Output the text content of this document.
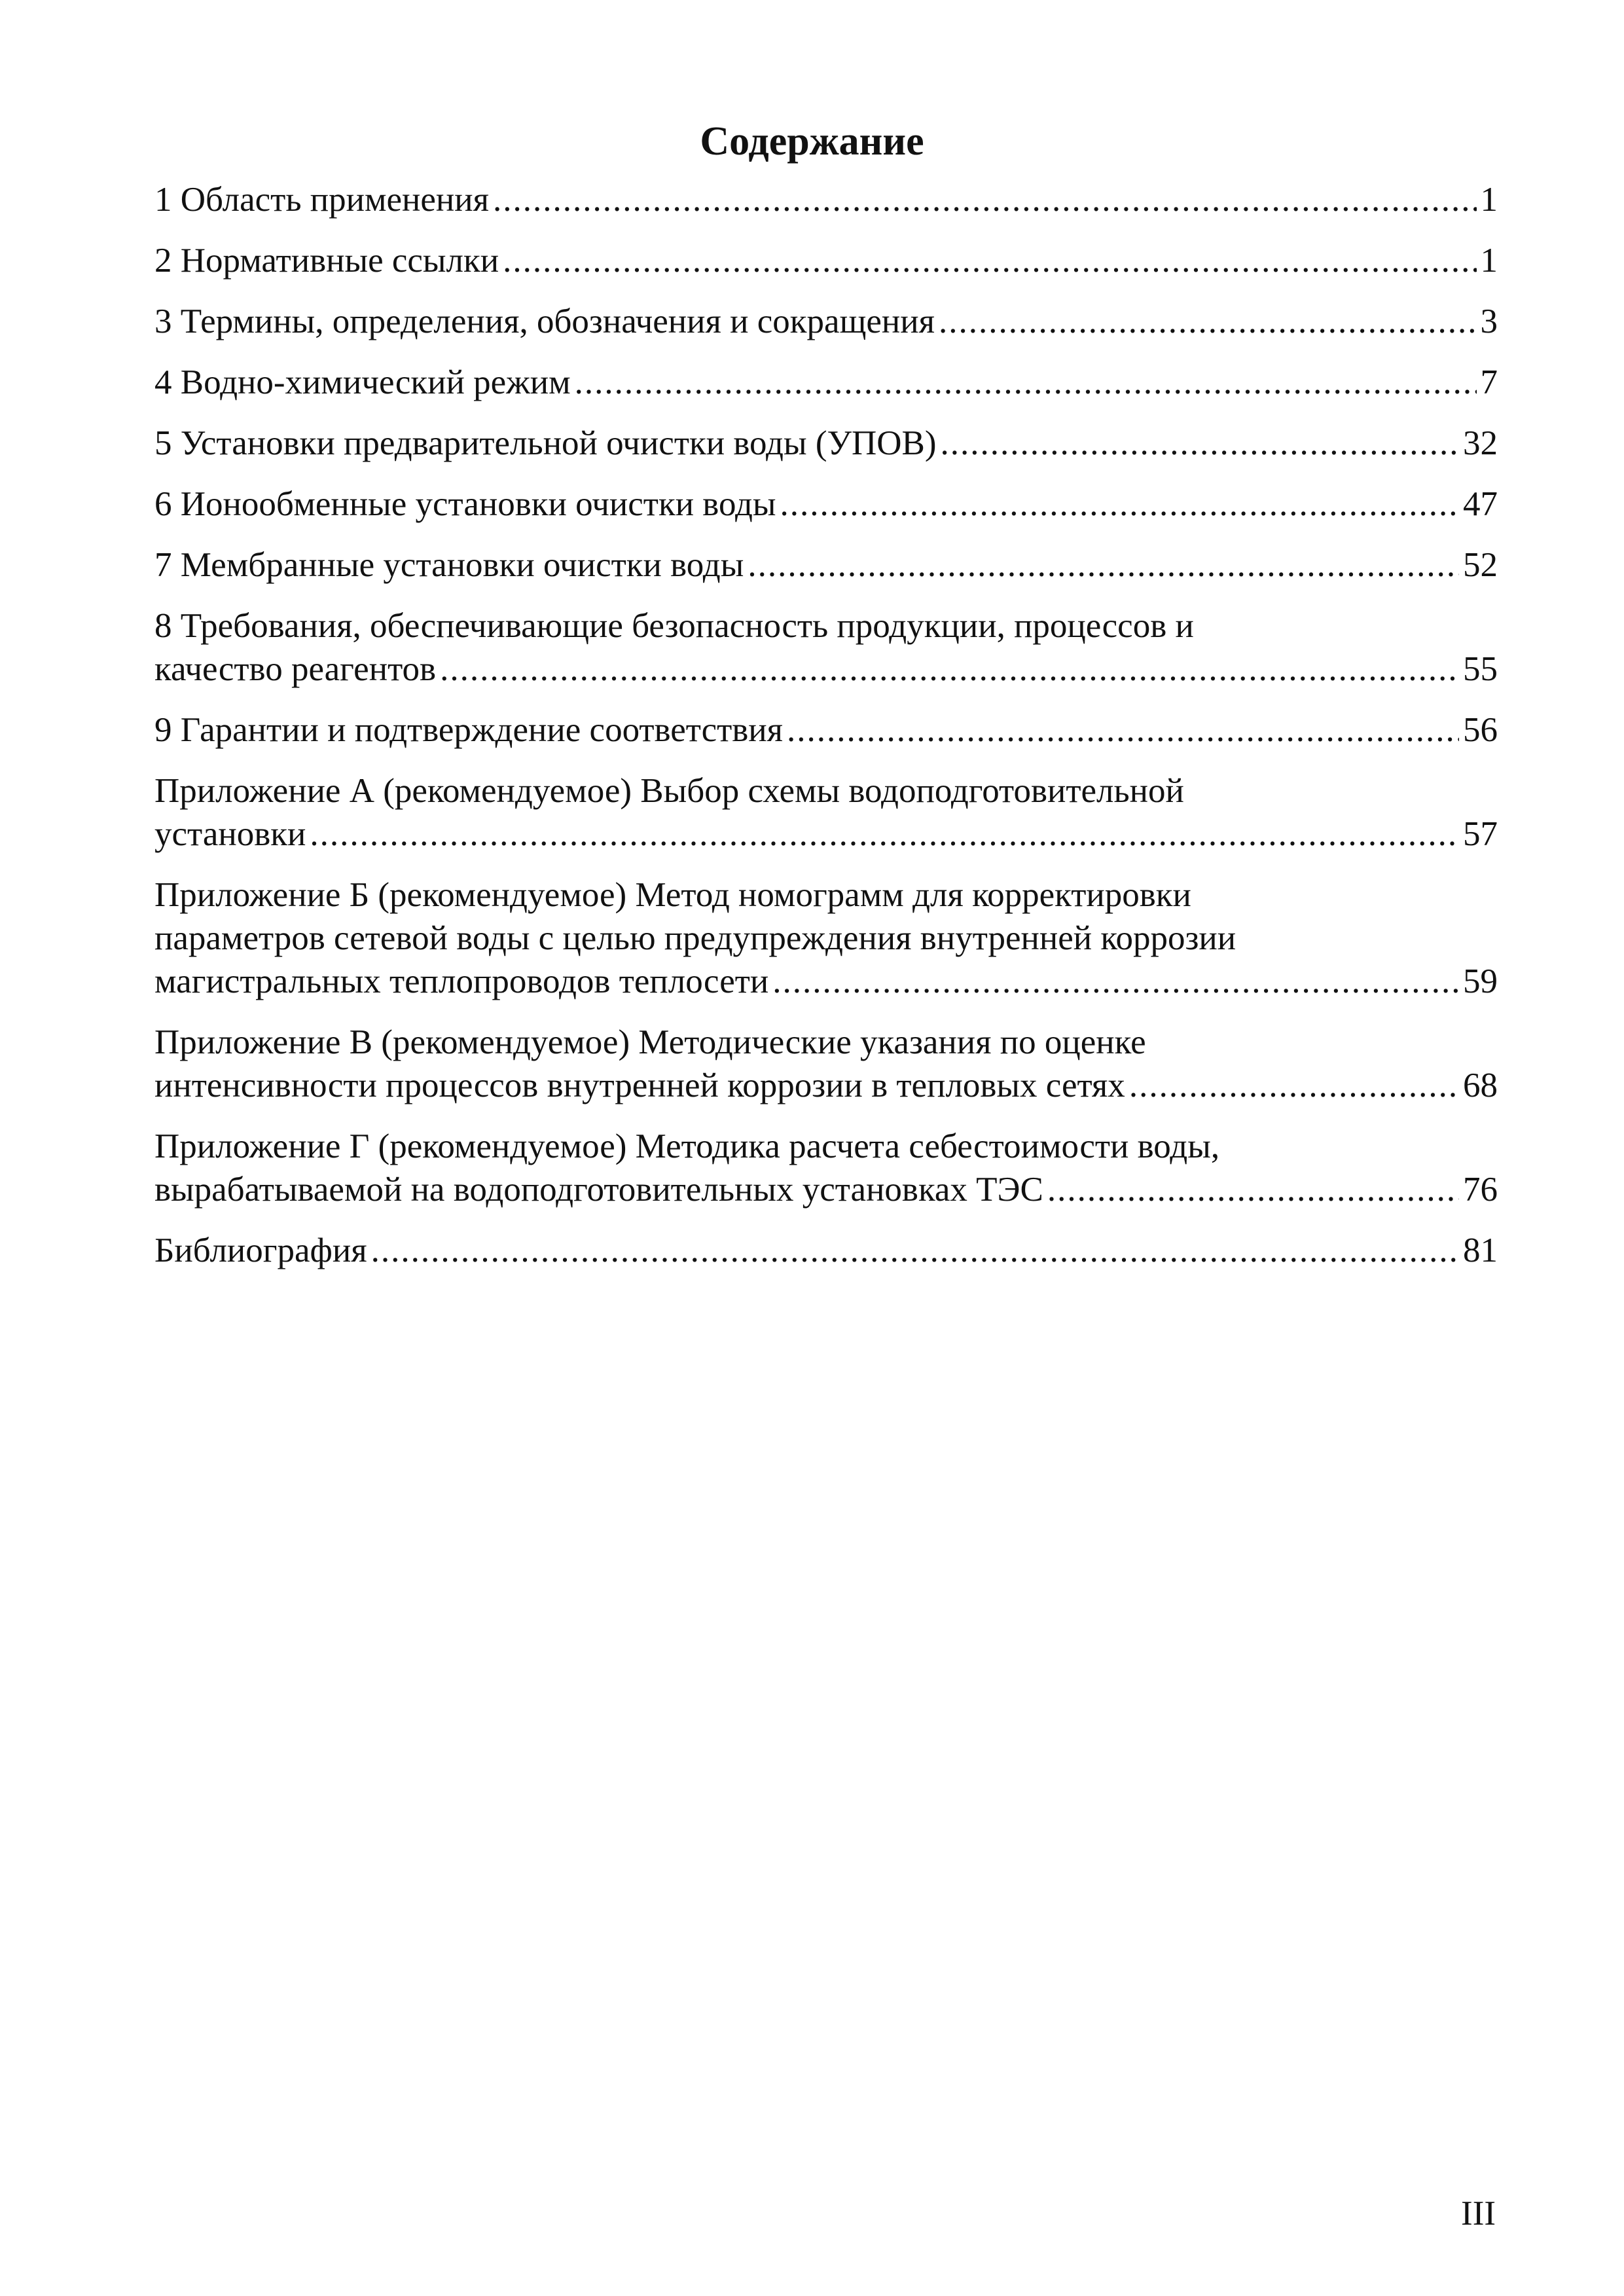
Содержание
1 Область применения .....	1
2 Нормативные ссылки .....	1
3 Термины, определения, обозначения и сокращения .....	3
4 Водно-химический режим .....	7
5 Установки предварительной очистки воды (УПОВ) .....	32
6 Ионообменные установки очистки воды .....	47
7 Мембранные установки очистки воды .....	52
8 Требования, обеспечивающие безопасность продукции, процессов и
качество реагентов .....	55
9 Гарантии и подтверждение соответствия .....	56
Приложение А (рекомендуемое) Выбор схемы водоподготовительной
установки .....	57
Приложение Б (рекомендуемое) Метод номограмм для корректировки
параметров сетевой воды с целью предупреждения внутренней коррозии
магистральных теплопроводов теплосети .....	59
Приложение В (рекомендуемое) Методические указания по оценке
интенсивности процессов внутренней коррозии в тепловых сетях .....	68
Приложение Г (рекомендуемое) Методика расчета себестоимости воды,
вырабатываемой на водоподготовительных установках ТЭС .....	76
Библиография .....	81
III
